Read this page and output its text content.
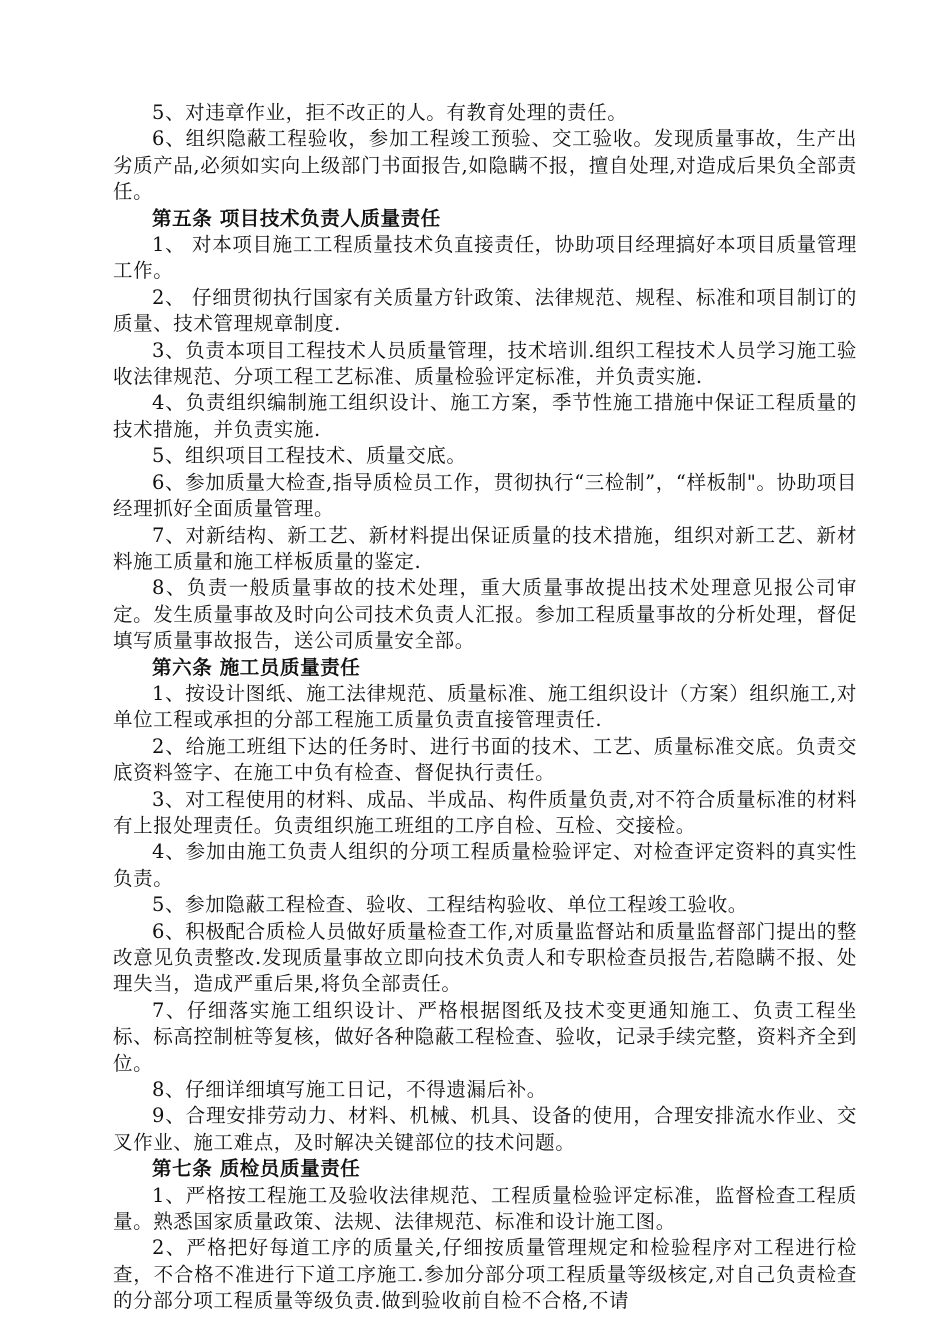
5、对违章作业，拒不改正的人。有教育处理的责任。

6、组织隐蔽工程验收，参加工程竣工预验、交工验收。发现质量事故，生产出劣质产品,必须如实向上级部门书面报告,如隐瞒不报，擅自处理,对造成后果负全部责任。

第五条 项目技术负责人质量责任

1、 对本项目施工工程质量技术负直接责任，协助项目经理搞好本项目质量管理工作。

2、 仔细贯彻执行国家有关质量方针政策、法律规范、规程、标准和项目制订的质量、技术管理规章制度.

3、负责本项目工程技术人员质量管理，技术培训.组织工程技术人员学习施工验收法律规范、分项工程工艺标准、质量检验评定标准，并负责实施.

4、负责组织编制施工组织设计、施工方案，季节性施工措施中保证工程质量的技术措施，并负责实施.

5、组织项目工程技术、质量交底。

6、参加质量大检查,指导质检员工作，贯彻执行“三检制”，“样板制"。协助项目经理抓好全面质量管理。

7、对新结构、新工艺、新材料提出保证质量的技术措施，组织对新工艺、新材料施工质量和施工样板质量的鉴定.

8、负责一般质量事故的技术处理，重大质量事故提出技术处理意见报公司审定。发生质量事故及时向公司技术负责人汇报。参加工程质量事故的分析处理，督促填写质量事故报告，送公司质量安全部。

第六条 施工员质量责任

1、按设计图纸、施工法律规范、质量标准、施工组织设计（方案）组织施工,对单位工程或承担的分部工程施工质量负责直接管理责任.

2、给施工班组下达的任务时、进行书面的技术、工艺、质量标准交底。负责交底资料签字、在施工中负有检查、督促执行责任。

3、对工程使用的材料、成品、半成品、构件质量负责,对不符合质量标准的材料有上报处理责任。负责组织施工班组的工序自检、互检、交接检。

4、参加由施工负责人组织的分项工程质量检验评定、对检查评定资料的真实性负责。

5、参加隐蔽工程检查、验收、工程结构验收、单位工程竣工验收。

6、积极配合质检人员做好质量检查工作,对质量监督站和质量监督部门提出的整改意见负责整改.发现质量事故立即向技术负责人和专职检查员报告,若隐瞒不报、处理失当，造成严重后果,将负全部责任。

7、仔细落实施工组织设计、严格根据图纸及技术变更通知施工、负责工程坐标、标高控制桩等复核，做好各种隐蔽工程检查、验收，记录手续完整，资料齐全到位。

8、仔细详细填写施工日记，不得遗漏后补。

9、合理安排劳动力、材料、机械、机具、设备的使用，合理安排流水作业、交叉作业、施工难点，及时解决关键部位的技术问题。

第七条 质检员质量责任

1、严格按工程施工及验收法律规范、工程质量检验评定标准，监督检查工程质量。熟悉国家质量政策、法规、法律规范、标准和设计施工图。

2、严格把好每道工序的质量关,仔细按质量管理规定和检验程序对工程进行检查，不合格不准进行下道工序施工.参加分部分项工程质量等级核定,对自己负责检查的分部分项工程质量等级负责.做到验收前自检不合格,不请
